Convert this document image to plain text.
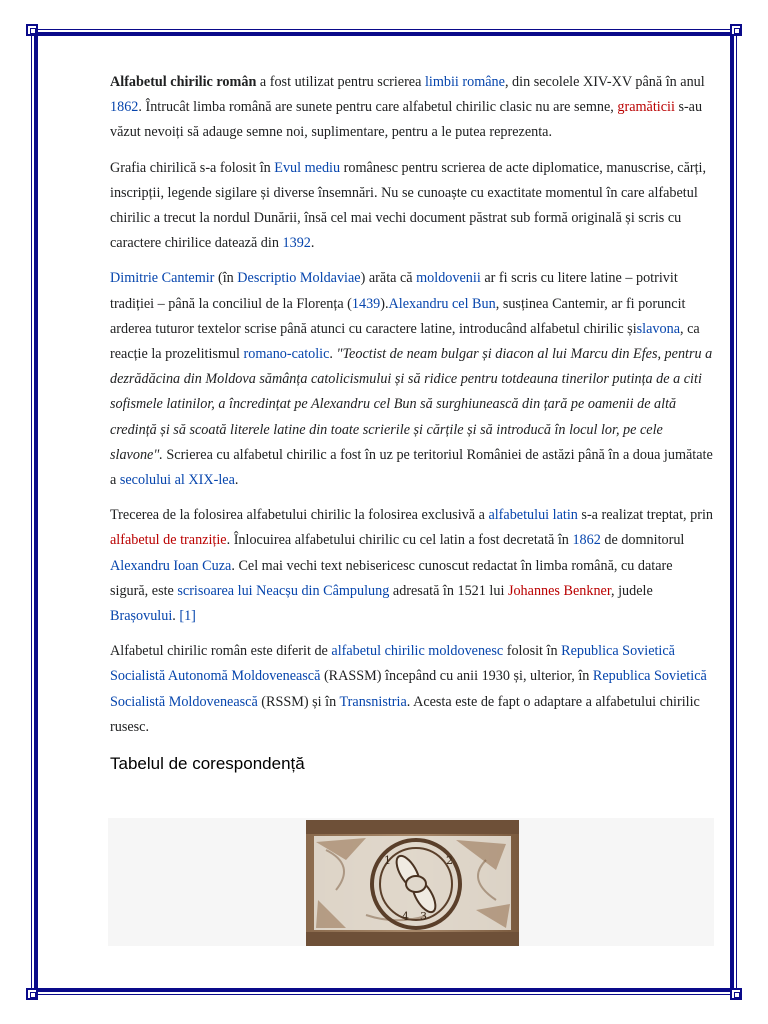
Alfabetul chirilic român a fost utilizat pentru scrierea limbii române, din secolele XIV-XV până în anul 1862. Întrucât limba română are sunete pentru care alfabetul chirilic clasic nu are semne, gramăticii s-au văzut nevoiți să adauge semne noi, suplimentare, pentru a le putea reprezenta.

Grafia chirilică s-a folosit în Evul mediu românesc pentru scrierea de acte diplomatice, manuscrise, cărți, inscripții, legende sigilare și diverse însemnări. Nu se cunoaște cu exactitate momentul în care alfabetul chirilic a trecut la nordul Dunării, însă cel mai vechi document păstrat sub formă originală și scris cu caractere chirilice datează din 1392.

Dimitrie Cantemir (în Descriptio Moldaviae) arăta că moldovenii ar fi scris cu litere latine – potrivit tradiției – până la conciliul de la Florența (1439).Alexandru cel Bun, susținea Cantemir, ar fi poruncit arderea tuturor textelor scrise până atunci cu caractere latine, introducând alfabetul chirilic șislavona, ca reacție la prozelitismul romano-catolic. "Teoctist de neam bulgar și diacon al lui Marcu din Efes, pentru a dezrădăcina din Moldova sămânța catolicismului și să ridice pentru totdeauna tinerilor putința de a citi sofismele latinilor, a încredințat pe Alexandru cel Bun să surghiunească din țară pe oamenii de altă credință și să scoată literele latine din toate scrierile și cărțile și să introducă în locul lor, pe cele slavone". Scrierea cu alfabetul chirilic a fost în uz pe teritoriul României de astăzi până în a doua jumătate a secolului al XIX-lea.

Trecerea de la folosirea alfabetului chirilic la folosirea exclusivă a alfabetului latin s-a realizat treptat, prin alfabetul de tranziție. Înlocuirea alfabetului chirilic cu cel latin a fost decretată în 1862 de domnitorul Alexandru Ioan Cuza. Cel mai vechi text nebisericesc cunoscut redactat în limba română, cu datare sigură, este scrisoarea lui Neacșu din Câmpulung adresată în 1521 lui Johannes Benkner, judele Brașovului. [1]

Alfabetul chirilic român este diferit de alfabetul chirilic moldovenesc folosit în Republica Sovietică Socialistă Autonomă Moldovenească (RASSM) începând cu anii 1930 și, ulterior, în Republica Sovietică Socialistă Moldovenească (RSSM) și în Transnistria. Acesta este de fapt o adaptare a alfabetului chirilic rusesc.

Tabelul de corespondență
1	2
3
4
